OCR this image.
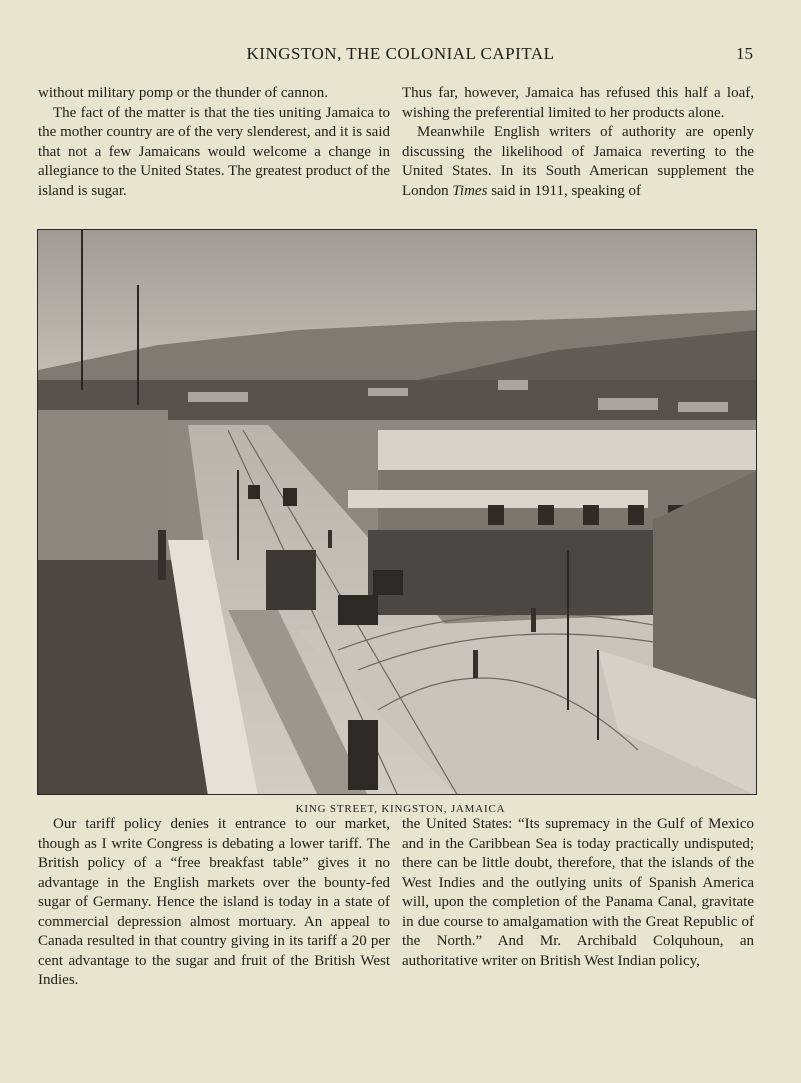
KINGSTON, THE COLONIAL CAPITAL	15

without military pomp or the thunder of cannon.

The fact of the matter is that the ties uniting Jamaica to the mother country are of the very slenderest, and it is said that not a few Jamaicans would welcome a change in allegiance to the United States. The greatest product of the island is sugar.

Thus far, however, Jamaica has refused this half a loaf, wishing the preferential limited to her products alone.

Meanwhile English writers of authority are openly discussing the likelihood of Jamaica reverting to the United States. In its South American supplement the London Times said in 1911, speaking of

KING STREET, KINGSTON, JAMAICA

Our tariff policy denies it entrance to our market, though as I write Congress is debating a lower tariff. The British policy of a “free breakfast table” gives it no advantage in the English markets over the bounty-fed sugar of Germany. Hence the island is today in a state of commercial depression almost mortuary. An appeal to Canada resulted in that country giving in its tariff a 20 per cent advantage to the sugar and fruit of the British West Indies.

the United States: “Its supremacy in the Gulf of Mexico and in the Caribbean Sea is today practically undisputed; there can be little doubt, therefore, that the islands of the West Indies and the outlying units of Spanish America will, upon the completion of the Panama Canal, gravitate in due course to amalgamation with the Great Republic of the North.” And Mr. Archibald Colquhoun, an authoritative writer on British West Indian policy,
